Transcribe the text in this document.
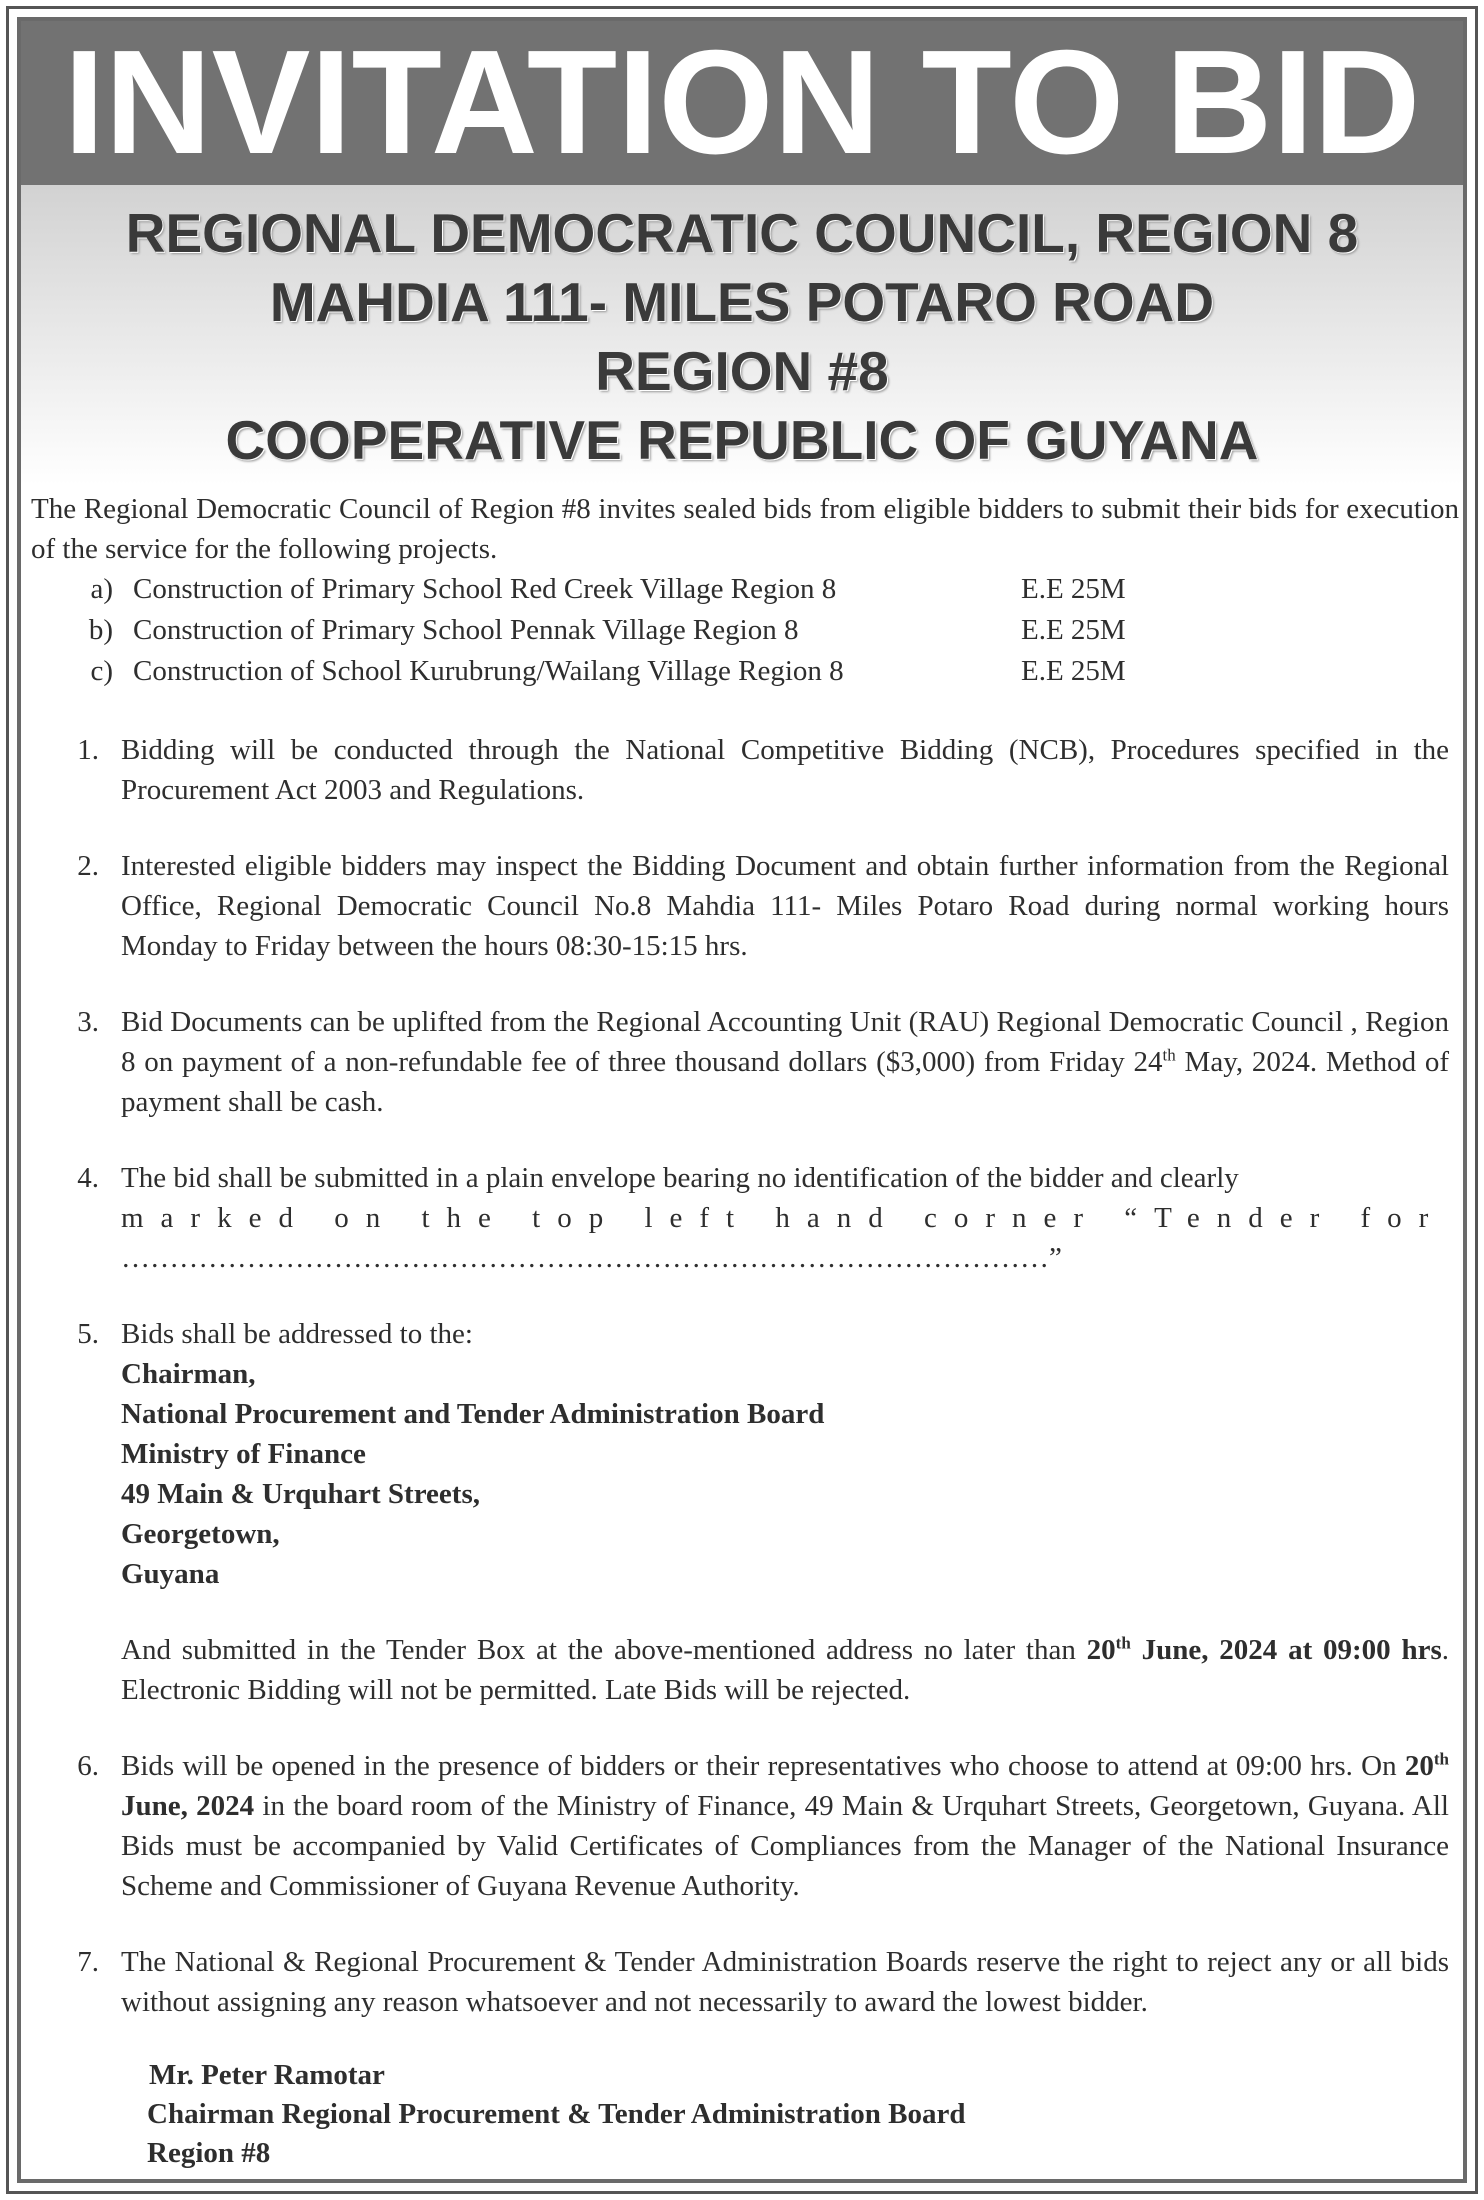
INVITATION TO BID
REGIONAL DEMOCRATIC COUNCIL, REGION 8
MAHDIA 111- MILES POTARO ROAD
REGION #8
COOPERATIVE REPUBLIC OF GUYANA

The Regional Democratic Council of Region #8 invites sealed bids from eligible bidders to submit their bids for execution of the service for the following projects.

a) Construction of Primary School Red Creek Village Region 8	E.E 25M
b) Construction of Primary School Pennak Village Region 8	E.E 25M
c) Construction of School Kurubrung/Wailang Village Region 8	E.E 25M
1. Bidding will be conducted through the National Competitive Bidding (NCB), Procedures specified in the Procurement Act 2003 and Regulations.
2. Interested eligible bidders may inspect the Bidding Document and obtain further information from the Regional Office, Regional Democratic Council No.8 Mahdia 111- Miles Potaro Road during normal working hours Monday to Friday between the hours 08:30-15:15 hrs.
3. Bid Documents can be uplifted from the Regional Accounting Unit (RAU) Regional Democratic Council , Region 8 on payment of a non-refundable fee of three thousand dollars ($3,000) from Friday 24th May, 2024. Method of payment shall be cash.
4. The bid shall be submitted in a plain envelope bearing no identification of the bidder and clearly
marked on the top left hand corner “Tender for
……………………………………………………………………………………”
5. Bids shall be addressed to the:
Chairman,
National Procurement and Tender Administration Board
Ministry of Finance
49 Main & Urquhart Streets,
Georgetown,
Guyana
And submitted in the Tender Box at the above-mentioned address no later than 20th June, 2024 at 09:00 hrs. Electronic Bidding will not be permitted. Late Bids will be rejected.
6. Bids will be opened in the presence of bidders or their representatives who choose to attend at 09:00 hrs. On 20th June, 2024 in the board room of the Ministry of Finance, 49 Main & Urquhart Streets, Georgetown, Guyana. All Bids must be accompanied by Valid Certificates of Compliances from the Manager of the National Insurance Scheme and Commissioner of Guyana Revenue Authority.
7. The National & Regional Procurement & Tender Administration Boards reserve the right to reject any or all bids without assigning any reason whatsoever and not necessarily to award the lowest bidder.
Mr. Peter Ramotar
Chairman Regional Procurement & Tender Administration Board
Region #8
